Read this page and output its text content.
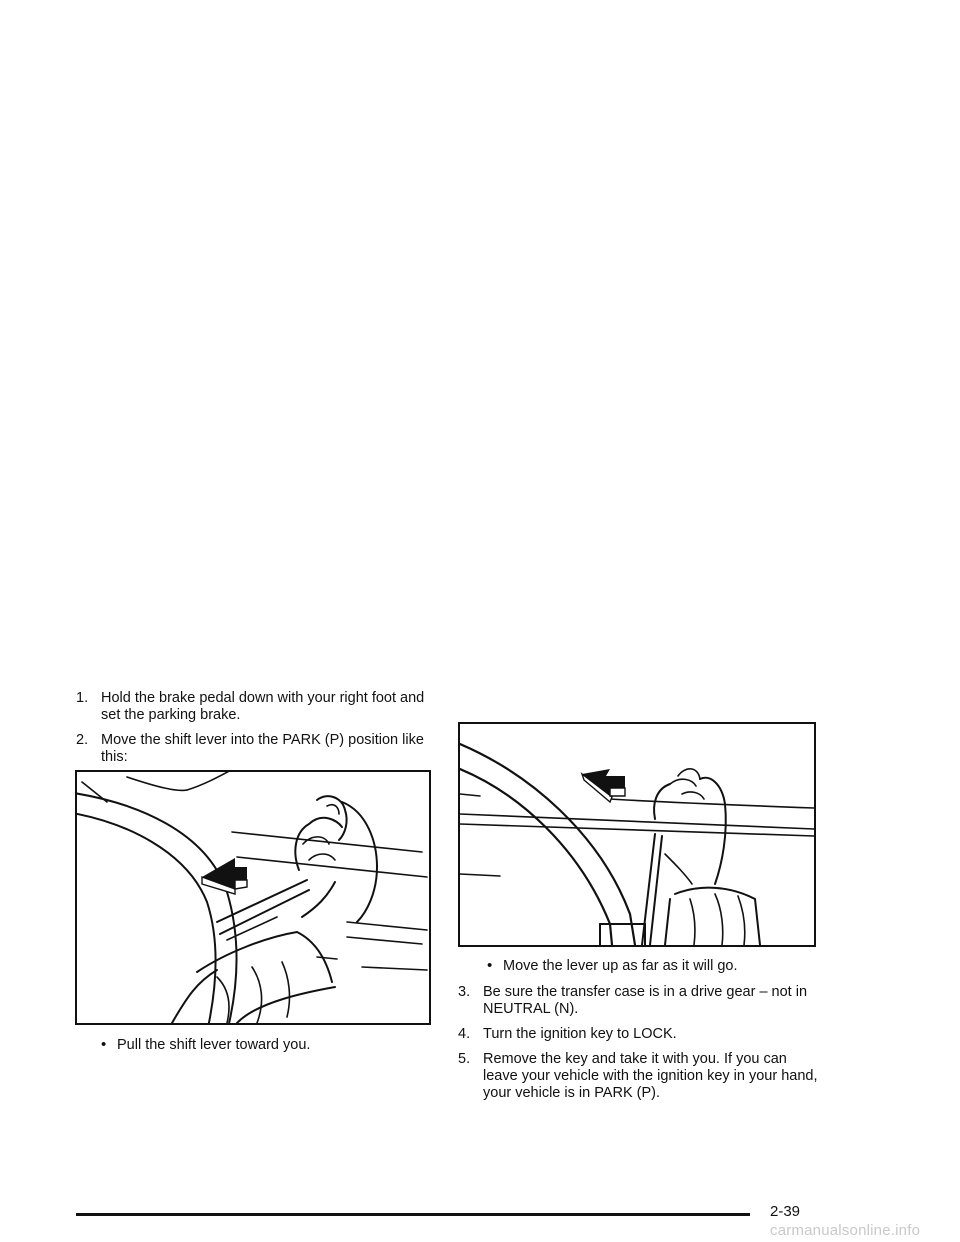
1. Hold the brake pedal down with your right foot and set the parking brake.

2. Move the shift lever into the PARK (P) position like this:

• Pull the shift lever toward you.

• Move the lever up as far as it will go.

3. Be sure the transfer case is in a drive gear – not in NEUTRAL (N).

4. Turn the ignition key to LOCK.

5. Remove the key and take it with you. If you can leave your vehicle with the ignition key in your hand, your vehicle is in PARK (P).

2-39
carmanualsonline.info
